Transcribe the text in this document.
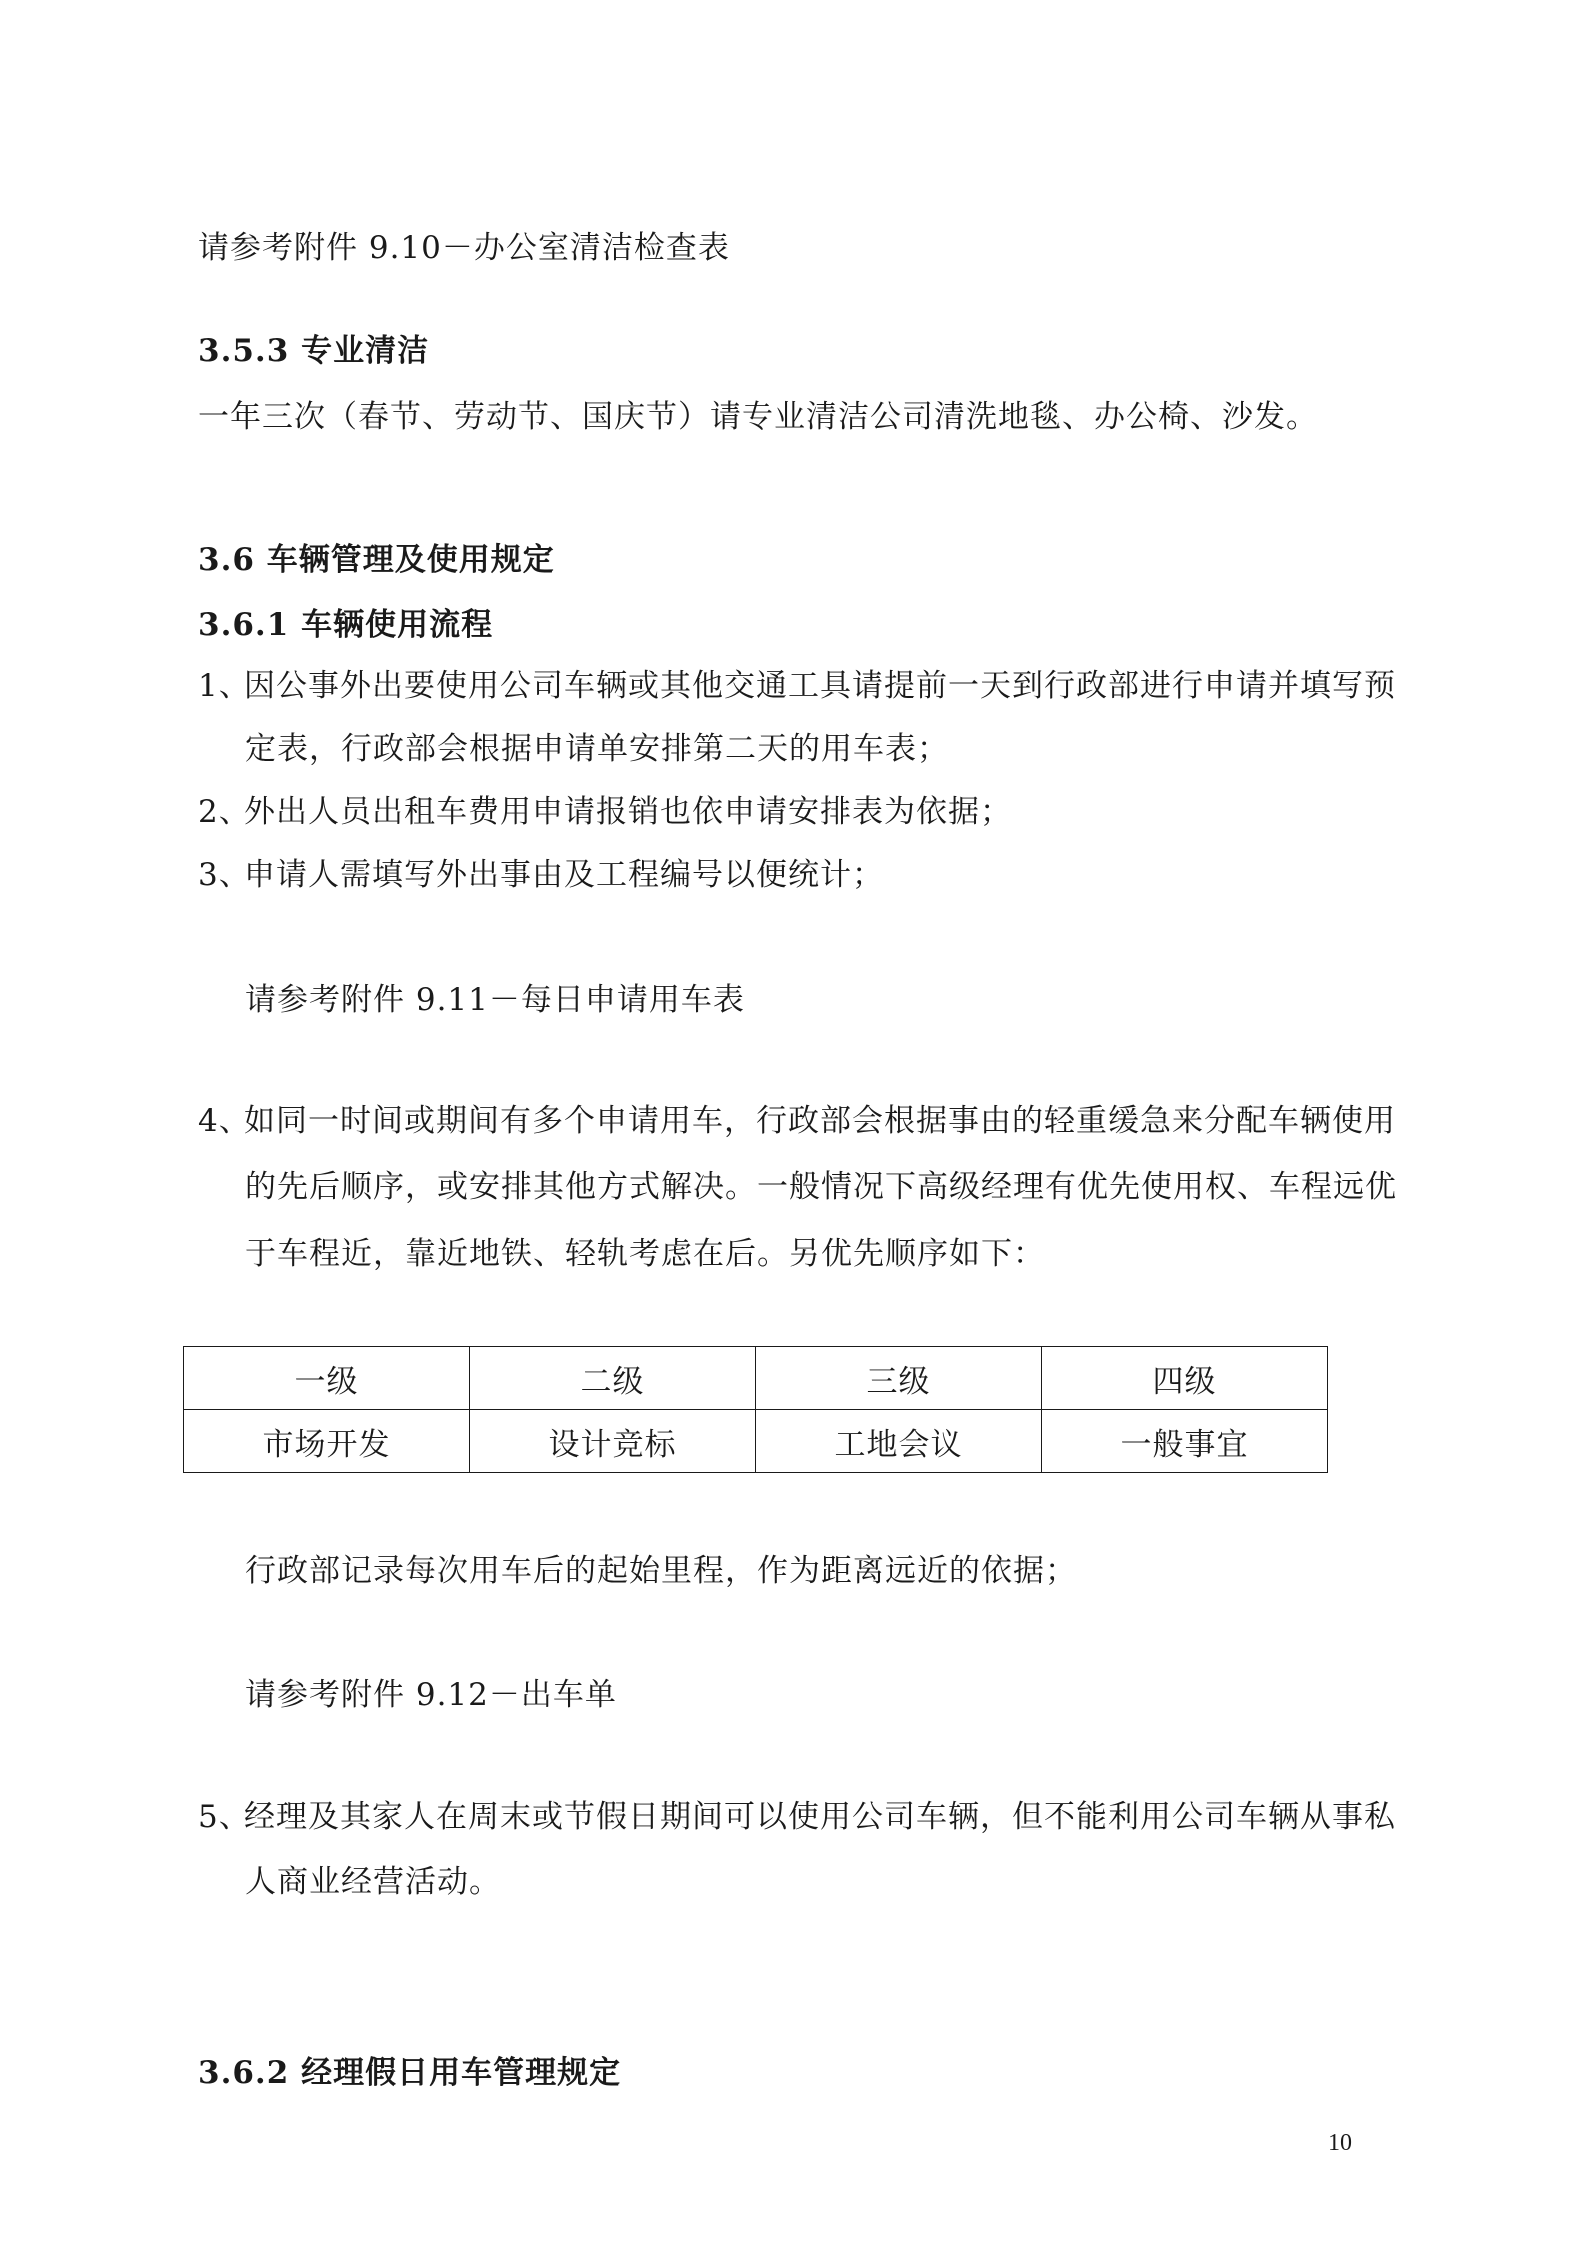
请参考附件 9.10－办公室清洁检查表
3.5.3 专业清洁
一年三次（春节、劳动节、国庆节）请专业清洁公司清洗地毯、办公椅、沙发。
3.6 车辆管理及使用规定
3.6.1 车辆使用流程
1、因公事外出要使用公司车辆或其他交通工具请提前一天到行政部进行申请并填写预
定表，行政部会根据申请单安排第二天的用车表；
2、外出人员出租车费用申请报销也依申请安排表为依据；
3、申请人需填写外出事由及工程编号以便统计；
请参考附件 9.11－每日申请用车表
4、如同一时间或期间有多个申请用车，行政部会根据事由的轻重缓急来分配车辆使用
的先后顺序，或安排其他方式解决。一般情况下高级经理有优先使用权、车程远优
于车程近，靠近地铁、轻轨考虑在后。另优先顺序如下：
一级	二级	三级	四级
市场开发	设计竞标	工地会议	一般事宜
行政部记录每次用车后的起始里程，作为距离远近的依据；
请参考附件 9.12－出车单
5、经理及其家人在周末或节假日期间可以使用公司车辆，但不能利用公司车辆从事私
人商业经营活动。
3.6.2 经理假日用车管理规定
10
